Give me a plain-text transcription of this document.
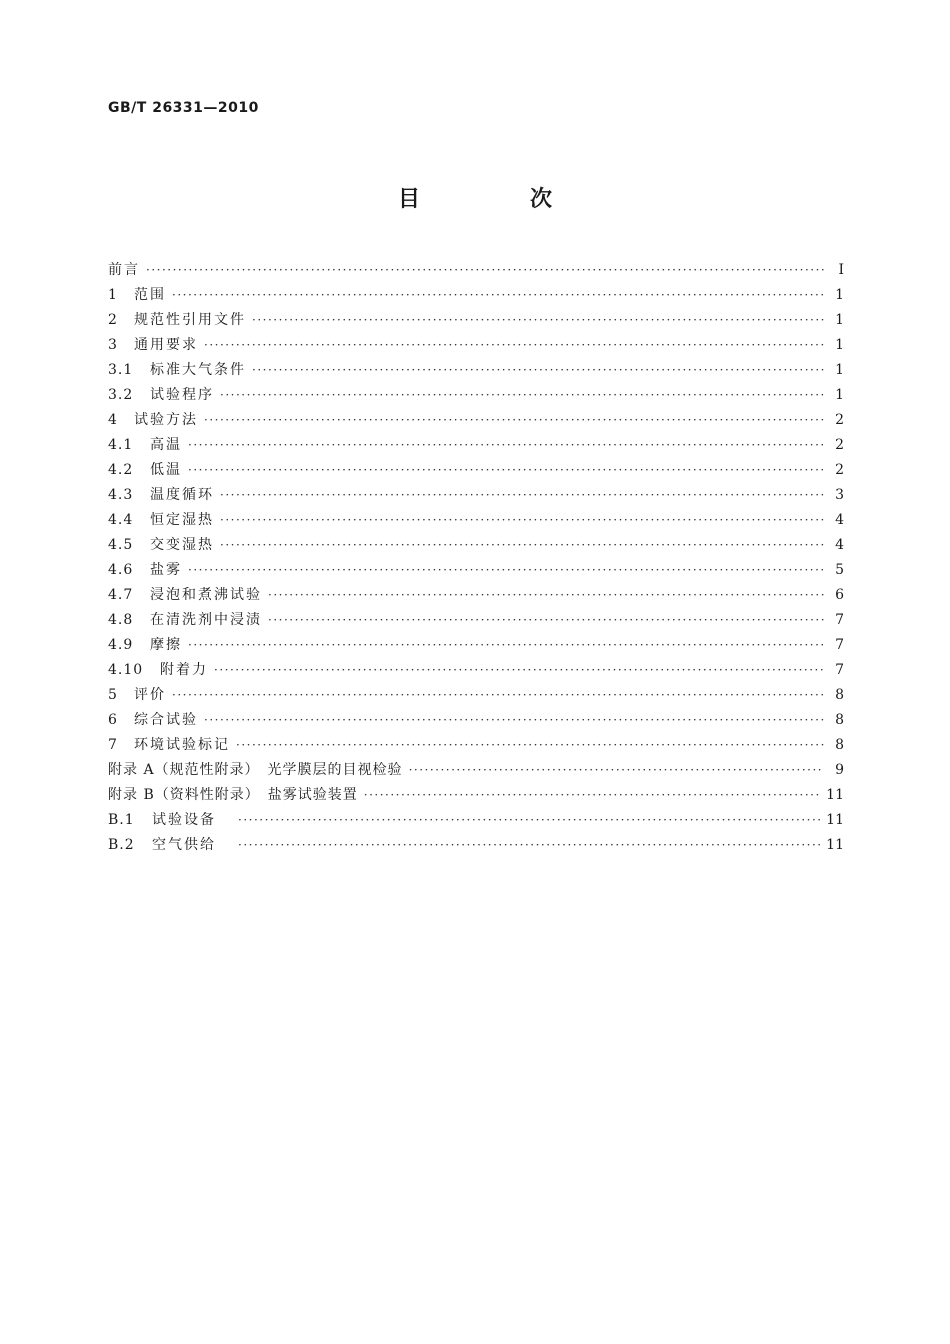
GB/T 26331—2010
目　次
前言 ·····	Ⅰ
1	范围 ·····	1
2	规范性引用文件 ·····	1
3	通用要求 ·····	1
3.1	标准大气条件 ·····	1
3.2	试验程序 ·····	1
4	试验方法 ·····	2
4.1	高温 ·····	2
4.2	低温 ·····	2
4.3	温度循环 ·····	3
4.4	恒定湿热 ·····	4
4.5	交变湿热 ·····	4
4.6	盐雾 ·····	5
4.7	浸泡和煮沸试验 ·····	6
4.8	在清洗剂中浸渍 ·····	7
4.9	摩擦 ·····	7
4.10	附着力 ·····	7
5	评价 ·····	8
6	综合试验 ·····	8
7	环境试验标记 ·····	8
附录 A（规范性附录）　光学膜层的目视检验 ·····	9
附录 B（资料性附录）　盐雾试验装置 ·····	11
B.1	试验设备 ·····	11
B.2	空气供给 ·····	11
